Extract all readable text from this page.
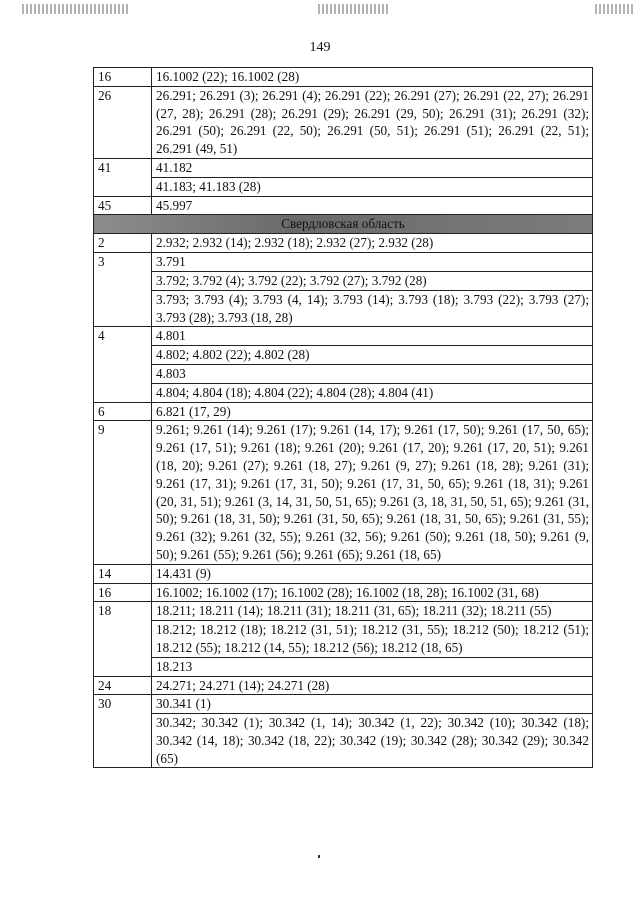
149
16	16.1002 (22); 16.1002 (28)
26	26.291; 26.291 (3); 26.291 (4); 26.291 (22); 26.291 (27); 26.291 (22, 27); 26.291 (27, 28); 26.291 (28); 26.291 (29); 26.291 (29, 50); 26.291 (31); 26.291 (32); 26.291 (50); 26.291 (22, 50); 26.291 (50, 51); 26.291 (51); 26.291 (22, 51); 26.291 (49, 51)
41	41.182
	41.183; 41.183 (28)
45	45.997
Свердловская область	
2	2.932; 2.932 (14); 2.932 (18); 2.932 (27); 2.932 (28)
3	3.791
	3.792; 3.792 (4); 3.792 (22); 3.792 (27); 3.792 (28)
	3.793; 3.793 (4); 3.793 (4, 14); 3.793 (14); 3.793 (18); 3.793 (22); 3.793 (27); 3.793 (28); 3.793 (18, 28)
4	4.801
	4.802; 4.802 (22); 4.802 (28)
	4.803
	4.804; 4.804 (18); 4.804 (22); 4.804 (28); 4.804 (41)
6	6.821 (17, 29)
9	9.261; 9.261 (14); 9.261 (17); 9.261 (14, 17); 9.261 (17, 50); 9.261 (17, 50, 65); 9.261 (17, 51); 9.261 (18); 9.261 (20); 9.261 (17, 20); 9.261 (17, 20, 51); 9.261 (18, 20); 9.261 (27); 9.261 (18, 27); 9.261 (9, 27); 9.261 (18, 28); 9.261 (31); 9.261 (17, 31); 9.261 (17, 31, 50); 9.261 (17, 31, 50, 65); 9.261 (18, 31); 9.261 (20, 31, 51); 9.261 (3, 14, 31, 50, 51, 65); 9.261 (3, 18, 31, 50, 51, 65); 9.261 (31, 50); 9.261 (18, 31, 50); 9.261 (31, 50, 65); 9.261 (18, 31, 50, 65); 9.261 (31, 55); 9.261 (32); 9.261 (32, 55); 9.261 (32, 56); 9.261 (50); 9.261 (18, 50); 9.261 (9, 50); 9.261 (55); 9.261 (56); 9.261 (65); 9.261 (18, 65)
14	14.431 (9)
16	16.1002; 16.1002 (17); 16.1002 (28); 16.1002 (18, 28); 16.1002 (31, 68)
18	18.211; 18.211 (14); 18.211 (31); 18.211 (31, 65); 18.211 (32); 18.211 (55)
	18.212; 18.212 (18); 18.212 (31, 51); 18.212 (31, 55); 18.212 (50); 18.212 (51); 18.212 (55); 18.212 (14, 55); 18.212 (56); 18.212 (18, 65)
	18.213
24	24.271; 24.271 (14); 24.271 (28)
30	30.341 (1)
	30.342; 30.342 (1); 30.342 (1, 14); 30.342 (1, 22); 30.342 (10); 30.342 (18); 30.342 (14, 18); 30.342 (18, 22); 30.342 (19); 30.342 (28); 30.342 (29); 30.342 (65)
